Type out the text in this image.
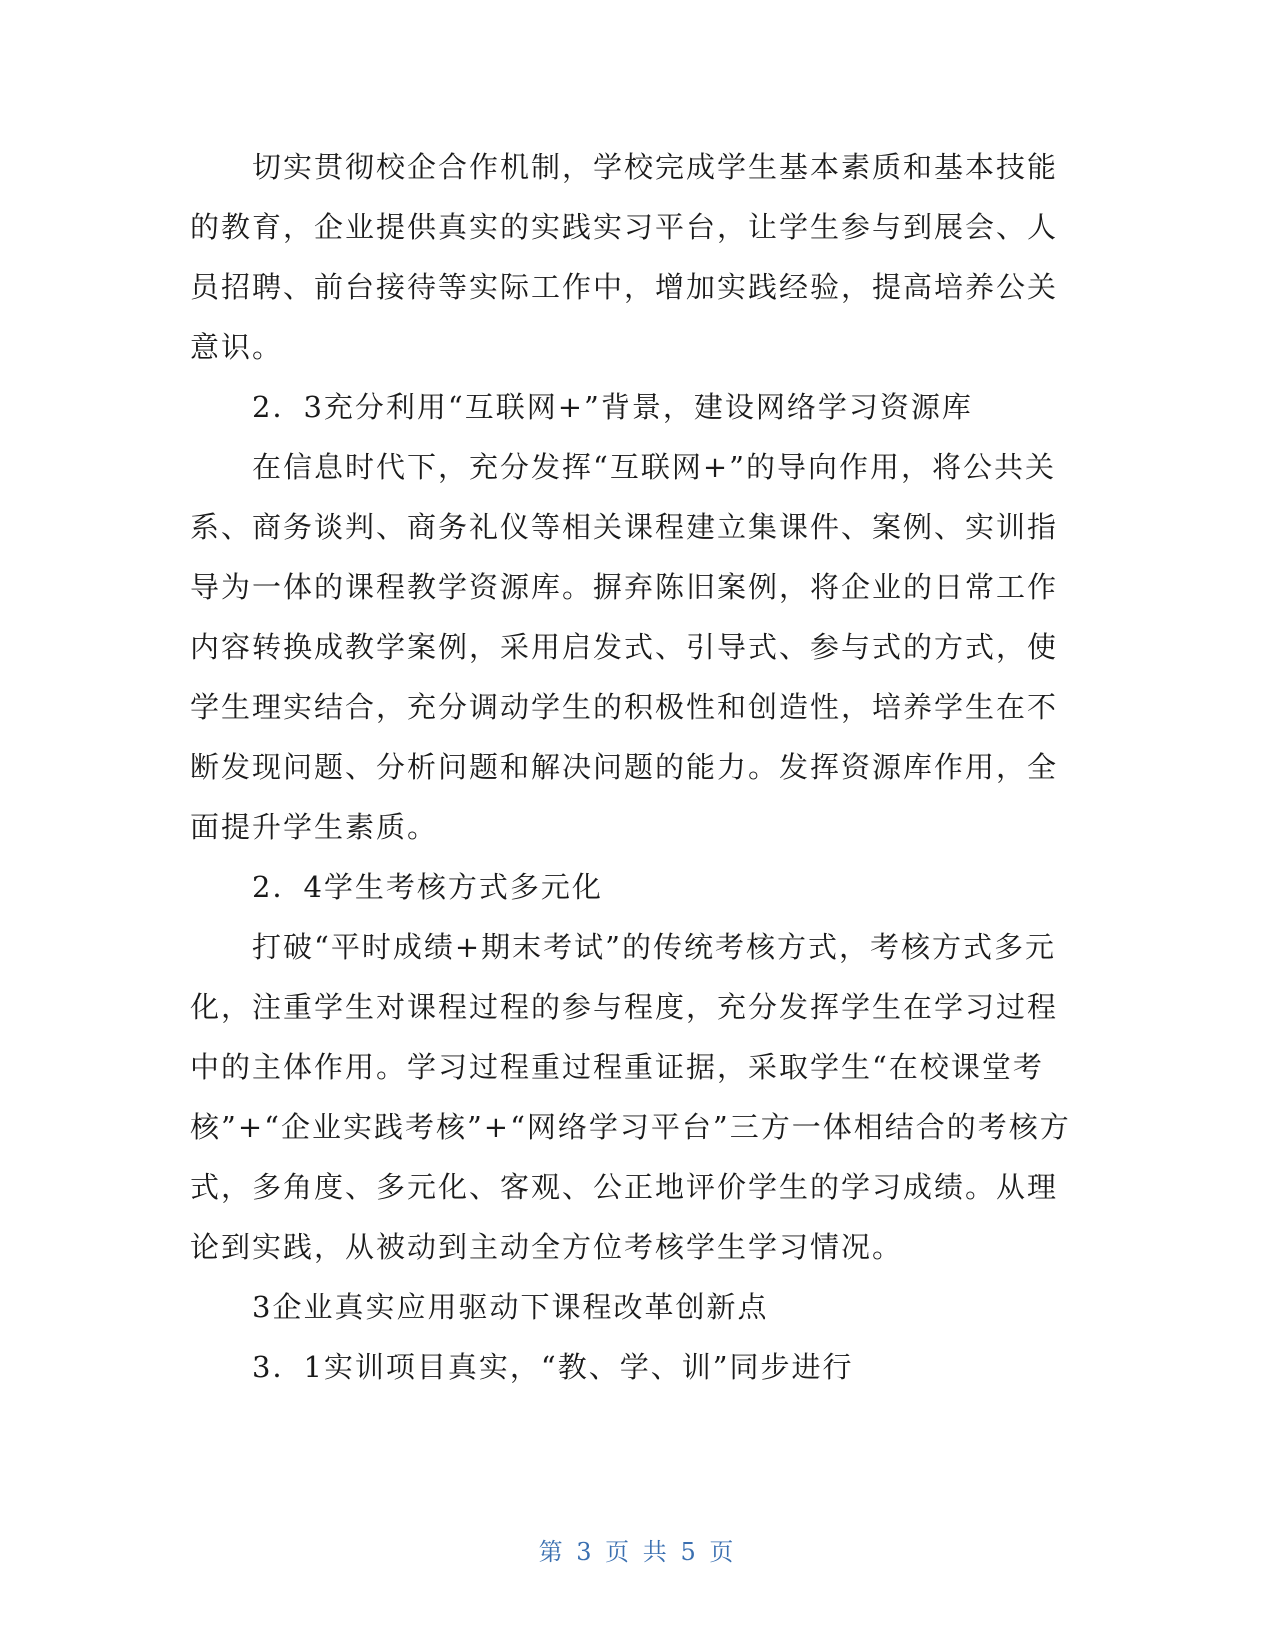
切实贯彻校企合作机制，学校完成学生基本素质和基本技能的教育，企业提供真实的实践实习平台，让学生参与到展会、人员招聘、前台接待等实际工作中，增加实践经验，提高培养公关意识。

2．3充分利用“互联网+”背景，建设网络学习资源库

在信息时代下，充分发挥“互联网+”的导向作用，将公共关系、商务谈判、商务礼仪等相关课程建立集课件、案例、实训指导为一体的课程教学资源库。摒弃陈旧案例，将企业的日常工作内容转换成教学案例，采用启发式、引导式、参与式的方式，使学生理实结合，充分调动学生的积极性和创造性，培养学生在不断发现问题、分析问题和解决问题的能力。发挥资源库作用，全面提升学生素质。

2．4学生考核方式多元化

打破“平时成绩+期末考试”的传统考核方式，考核方式多元化，注重学生对课程过程的参与程度，充分发挥学生在学习过程中的主体作用。学习过程重过程重证据，采取学生“在校课堂考核”+“企业实践考核”+“网络学习平台”三方一体相结合的考核方式，多角度、多元化、客观、公正地评价学生的学习成绩。从理论到实践，从被动到主动全方位考核学生学习情况。

3企业真实应用驱动下课程改革创新点

3．1实训项目真实，“教、学、训”同步进行

第 3 页 共 5 页
